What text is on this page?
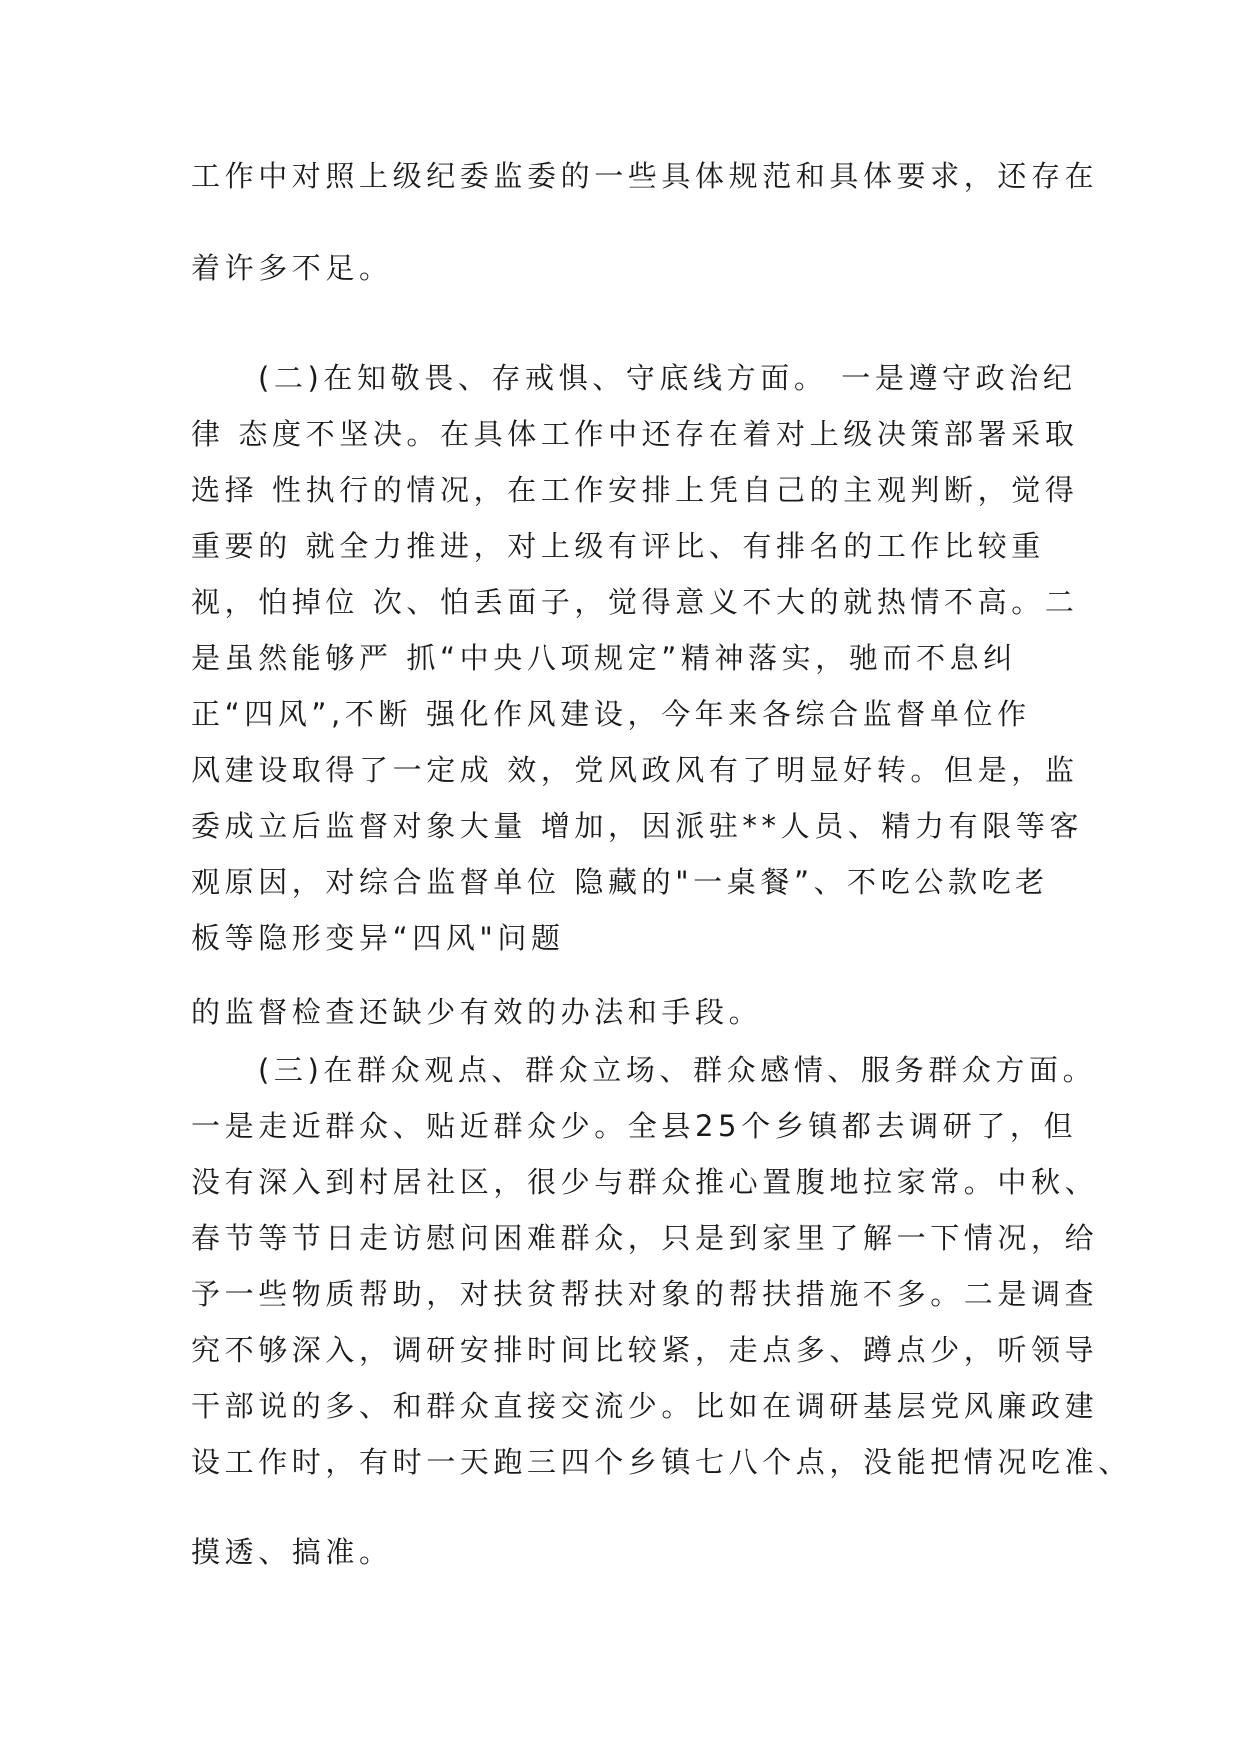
工作中对照上级纪委监委的一些具体规范和具体要求，还存在
着许多不足。
(二)在知敬畏、存戒惧、守底线方面。 一是遵守政治纪
律 态度不坚决。在具体工作中还存在着对上级决策部署采取
选择 性执行的情况，在工作安排上凭自己的主观判断，觉得
重要的 就全力推进，对上级有评比、有排名的工作比较重
视，怕掉位 次、怕丢面子，觉得意义不大的就热情不高。二
是虽然能够严 抓“中央八项规定”精神落实，驰而不息纠
正“四风”,不断 强化作风建设，今年来各综合监督单位作
风建设取得了一定成 效，党风政风有了明显好转。但是，监
委成立后监督对象大量 增加，因派驻**人员、精力有限等客
观原因，对综合监督单位 隐藏的"一桌餐”、不吃公款吃老
板等隐形变异“四风"问题
的监督检查还缺少有效的办法和手段。
(三)在群众观点、群众立场、群众感情、服务群众方面。
一是走近群众、贴近群众少。全县25个乡镇都去调研了，但
没有深入到村居社区，很少与群众推心置腹地拉家常。中秋、
春节等节日走访慰问困难群众，只是到家里了解一下情况，给
予一些物质帮助，对扶贫帮扶对象的帮扶措施不多。二是调查
究不够深入，调研安排时间比较紧，走点多、蹲点少，听领导
干部说的多、和群众直接交流少。比如在调研基层党风廉政建
设工作时，有时一天跑三四个乡镇七八个点，没能把情况吃准、
摸透、搞准。
